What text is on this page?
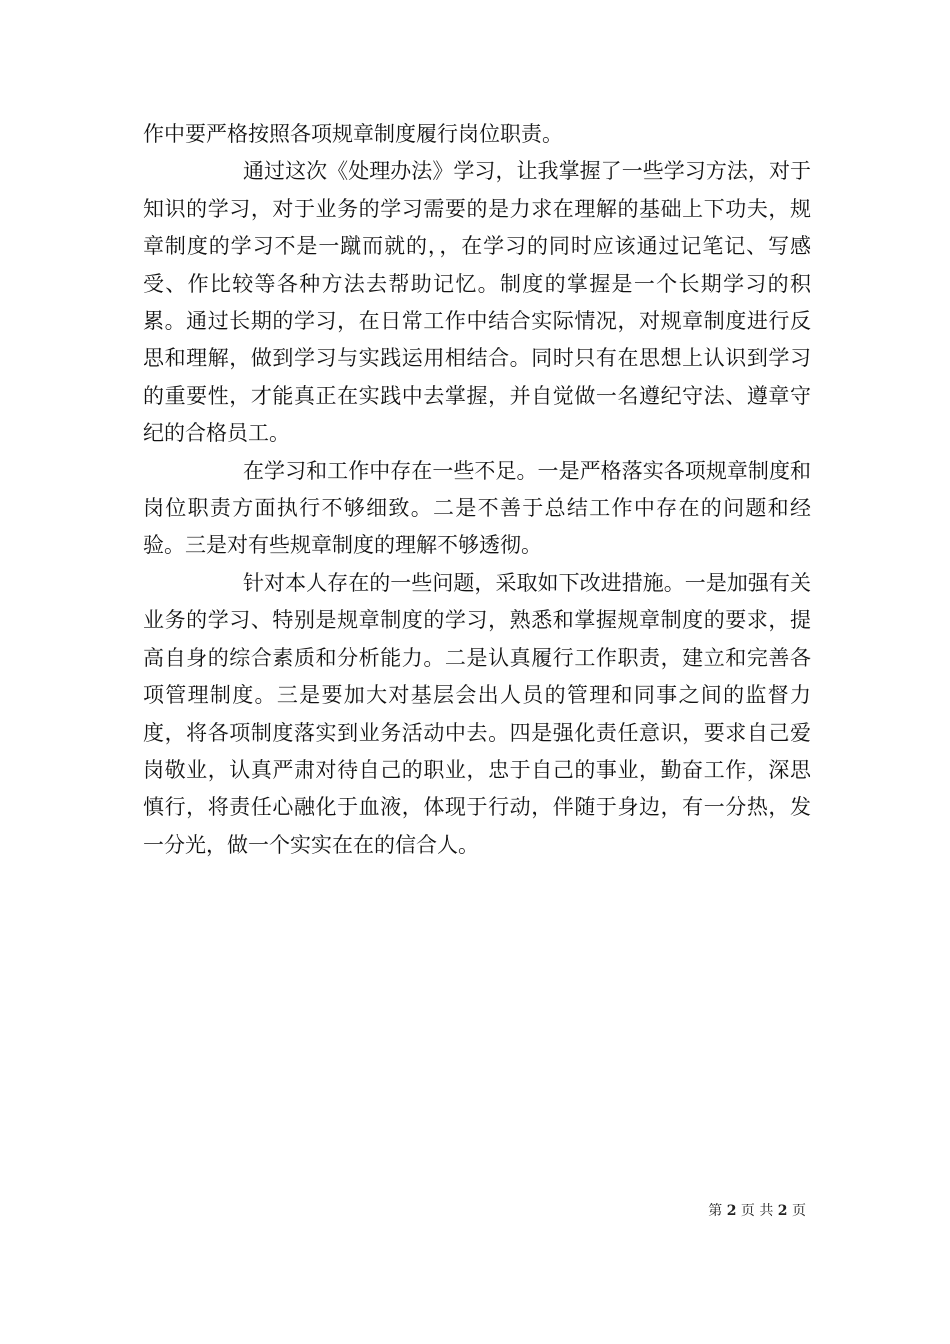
作中要严格按照各项规章制度履行岗位职责。

通过这次《处理办法》学习，让我掌握了一些学习方法，对于知识的学习，对于业务的学习需要的是力求在理解的基础上下功夫，规章制度的学习不是一蹴而就的，，在学习的同时应该通过记笔记、写感受、作比较等各种方法去帮助记忆。制度的掌握是一个长期学习的积累。通过长期的学习，在日常工作中结合实际情况，对规章制度进行反思和理解，做到学习与实践运用相结合。同时只有在思想上认识到学习的重要性，才能真正在实践中去掌握，并自觉做一名遵纪守法、遵章守纪的合格员工。

在学习和工作中存在一些不足。一是严格落实各项规章制度和岗位职责方面执行不够细致。二是不善于总结工作中存在的问题和经验。三是对有些规章制度的理解不够透彻。

针对本人存在的一些问题，采取如下改进措施。一是加强有关业务的学习、特别是规章制度的学习，熟悉和掌握规章制度的要求，提高自身的综合素质和分析能力。二是认真履行工作职责，建立和完善各项管理制度。三是要加大对基层会出人员的管理和同事之间的监督力度，将各项制度落实到业务活动中去。四是强化责任意识，要求自己爱岗敬业，认真严肃对待自己的职业，忠于自己的事业，勤奋工作，深思慎行，将责任心融化于血液，体现于行动，伴随于身边，有一分热，发一分光，做一个实实在在的信合人。

第 2 页 共 2 页
